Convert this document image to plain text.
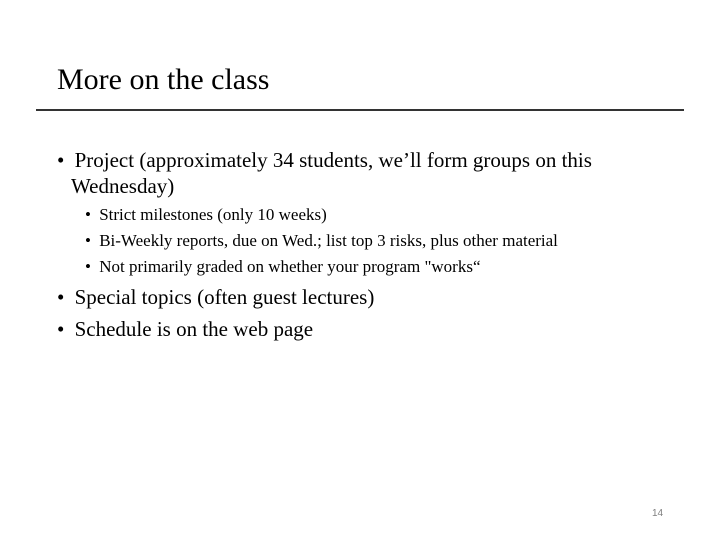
More on the class
• Project (approximately 34 students, we’ll form groups on this
Wednesday)
• Strict milestones (only 10 weeks)
• Bi-Weekly reports, due on Wed.; list top 3 risks, plus other material
• Not primarily graded on whether your program "works“
• Special topics (often guest lectures)
• Schedule is on the web page
14
